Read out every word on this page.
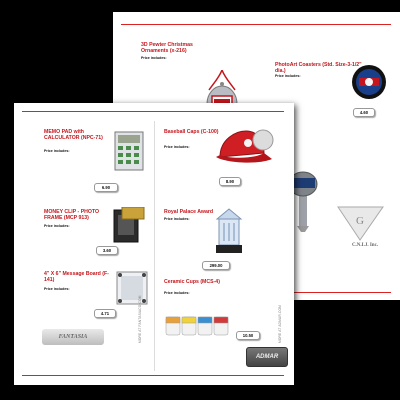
3D Pewter Christmas Ornaments (x-216)
Price includes:
PhotoArt Coasters (Std. Size-3-1/2" dia.)
Price includes:
4.60
G
C.N.I.J. Inc.
MEMO PAD with CALCULATOR (NPC-71)
Price includes:
6.90
MONEY CLIP - PHOTO FRAME (MCP 913)
Price includes:
3.60
4" X 6" Message Board (F-141)
Price includes:
4.71
FANTASIA	MORE AT FANTASIACO.COM
Baseball Caps (C-100)
Price includes:
8.90
Royal Palace Award
Price includes:
299.00
Ceramic Cups (MCS-4)
Price includes:
10.50
ADMAR
MORE AT ADMAR.COM
